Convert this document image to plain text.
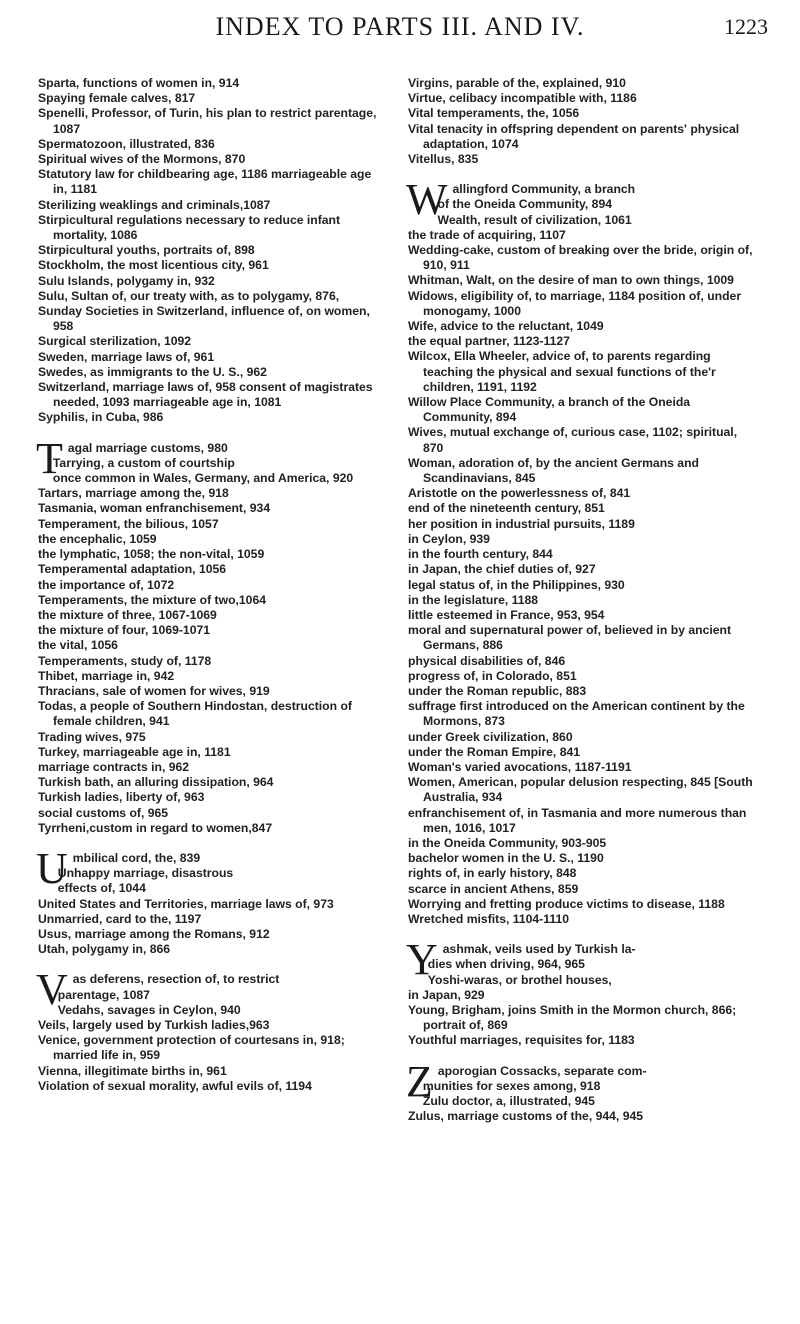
INDEX TO PARTS III. AND IV.	1223

Sparta, functions of women in, 914

Spaying female calves, 817

Spenelli, Professor, of Turin, his plan to restrict parentage, 1087

Spermatozoon, illustrated, 836

Spiritual wives of the Mormons, 870

Statutory law for childbearing age, 1186 marriageable age in, 1181

Sterilizing weaklings and criminals,1087

Stirpicultural regulations necessary to reduce infant mortality, 1086

Stirpicultural youths, portraits of, 898

Stockholm, the most licentious city, 961

Sulu Islands, polygamy in, 932

Sulu, Sultan of, our treaty with, as to polygamy, 876,

Sunday Societies in Switzerland, influence of, on women, 958

Surgical sterilization, 1092

Sweden, marriage laws of, 961

Swedes, as immigrants to the U. S., 962

Switzerland, marriage laws of, 958 consent of magistrates needed, 1093 marriageable age in, 1081

Syphilis, in Cuba, 986

T agal marriage customs, 980

Tarrying, a custom of courtship

once common in Wales, Germany, and America, 920

Tartars, marriage among the, 918

Tasmania, woman enfranchisement, 934

Temperament, the bilious, 1057

the encephalic, 1059

the lymphatic, 1058; the non-vital, 1059

Temperamental adaptation, 1056

the importance of, 1072

Temperaments, the mixture of two,1064

the mixture of three, 1067-1069

the mixture of four, 1069-1071

the vital, 1056

Temperaments, study of, 1178

Thibet, marriage in, 942

Thracians, sale of women for wives, 919

Todas, a people of Southern Hindostan, destruction of female children, 941

Trading wives, 975

Turkey, marriageable age in, 1181

marriage contracts in, 962

Turkish bath, an alluring dissipation, 964

Turkish ladies, liberty of, 963

social customs of, 965

Tyrrheni,custom in regard to women,847

U mbilical cord, the, 839

Unhappy marriage, disastrous

effects of, 1044

United States and Territories, marriage laws of, 973

Unmarried, card to the, 1197

Usus, marriage among the Romans, 912

Utah, polygamy in, 866

V as deferens, resection of, to restrict

parentage, 1087

Vedahs, savages in Ceylon, 940

Veils, largely used by Turkish ladies,963

Venice, government protection of courtesans in, 918; married life in, 959

Vienna, illegitimate births in, 961

Violation of sexual morality, awful evils of, 1194

Virgins, parable of the, explained, 910

Virtue, celibacy incompatible with, 1186

Vital temperaments, the, 1056

Vital tenacity in offspring dependent on parents' physical adaptation, 1074

Vitellus, 835

W allingford Community, a branch

of the Oneida Community, 894

Wealth, result of civilization, 1061

the trade of acquiring, 1107

Wedding-cake, custom of breaking over the bride, origin of, 910, 911

Whitman, Walt, on the desire of man to own things, 1009

Widows, eligibility of, to marriage, 1184 position of, under monogamy, 1000

Wife, advice to the reluctant, 1049

the equal partner, 1123-1127

Wilcox, Ella Wheeler, advice of, to parents regarding teaching the physical and sexual functions of the'r children, 1191, 1192

Willow Place Community, a branch of the Oneida Community, 894

Wives, mutual exchange of, curious case, 1102; spiritual, 870

Woman, adoration of, by the ancient Germans and Scandinavians, 845

Aristotle on the powerlessness of, 841

end of the nineteenth century, 851

her position in industrial pursuits, 1189

in Ceylon, 939

in the fourth century, 844

in Japan, the chief duties of, 927

legal status of, in the Philippines, 930

in the legislature, 1188

little esteemed in France, 953, 954

moral and supernatural power of, believed in by ancient Germans, 886

physical disabilities of, 846

progress of, in Colorado, 851

under the Roman republic, 883

suffrage first introduced on the American continent by the Mormons, 873

under Greek civilization, 860

under the Roman Empire, 841

Woman's varied avocations, 1187-1191

Women, American, popular delusion respecting, 845 [South Australia, 934

enfranchisement of, in Tasmania and more numerous than men, 1016, 1017

in the Oneida Community, 903-905

bachelor women in the U. S., 1190

rights of, in early history, 848

scarce in ancient Athens, 859

Worrying and fretting produce victims to disease, 1188

Wretched misfits, 1104-1110

Y ashmak, veils used by Turkish la-

dies when driving, 964, 965

Yoshi-waras, or brothel houses,

in Japan, 929

Young, Brigham, joins Smith in the Mormon church, 866; portrait of, 869

Youthful marriages, requisites for, 1183

Z aporogian Cossacks, separate com-

munities for sexes among, 918

Zulu doctor, a, illustrated, 945

Zulus, marriage customs of the, 944, 945
